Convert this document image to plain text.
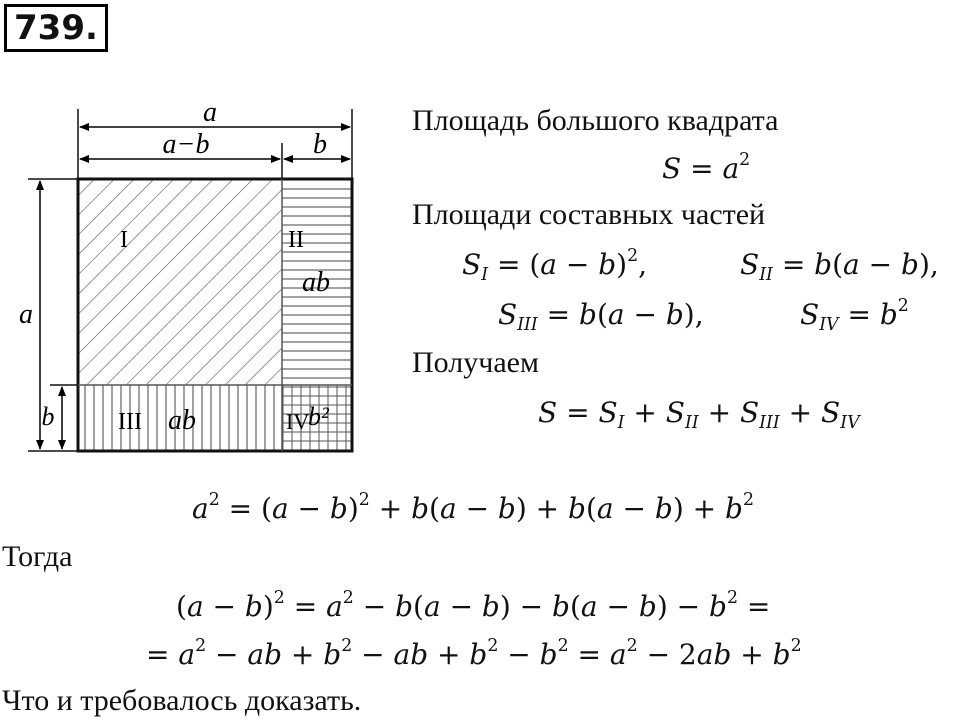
739.
a
a−b	b
a
b
I	II
ab
III ab	IV
b²
Площадь большого квадрата
$S = a^2$
Площади составных частей
$S_I = (a - b)^2$,	$S_{II} = b(a - b)$,
$S_{III} = b(a - b)$,	$S_{IV} = b^2$
Получаем
$S = S_I + S_{II} + S_{III} + S_{IV}$
$a^2 = (a - b)^2 + b(a - b) + b(a - b) + b^2$
Тогда
$(a - b)^2 = a^2 - b(a - b) - b(a - b) - b^2$ =
= $a^2$ − ab + $b^2$ − ab + $b^2 - b^2 = a^2 - 2ab + b^2$
Что и требовалось доказать.
